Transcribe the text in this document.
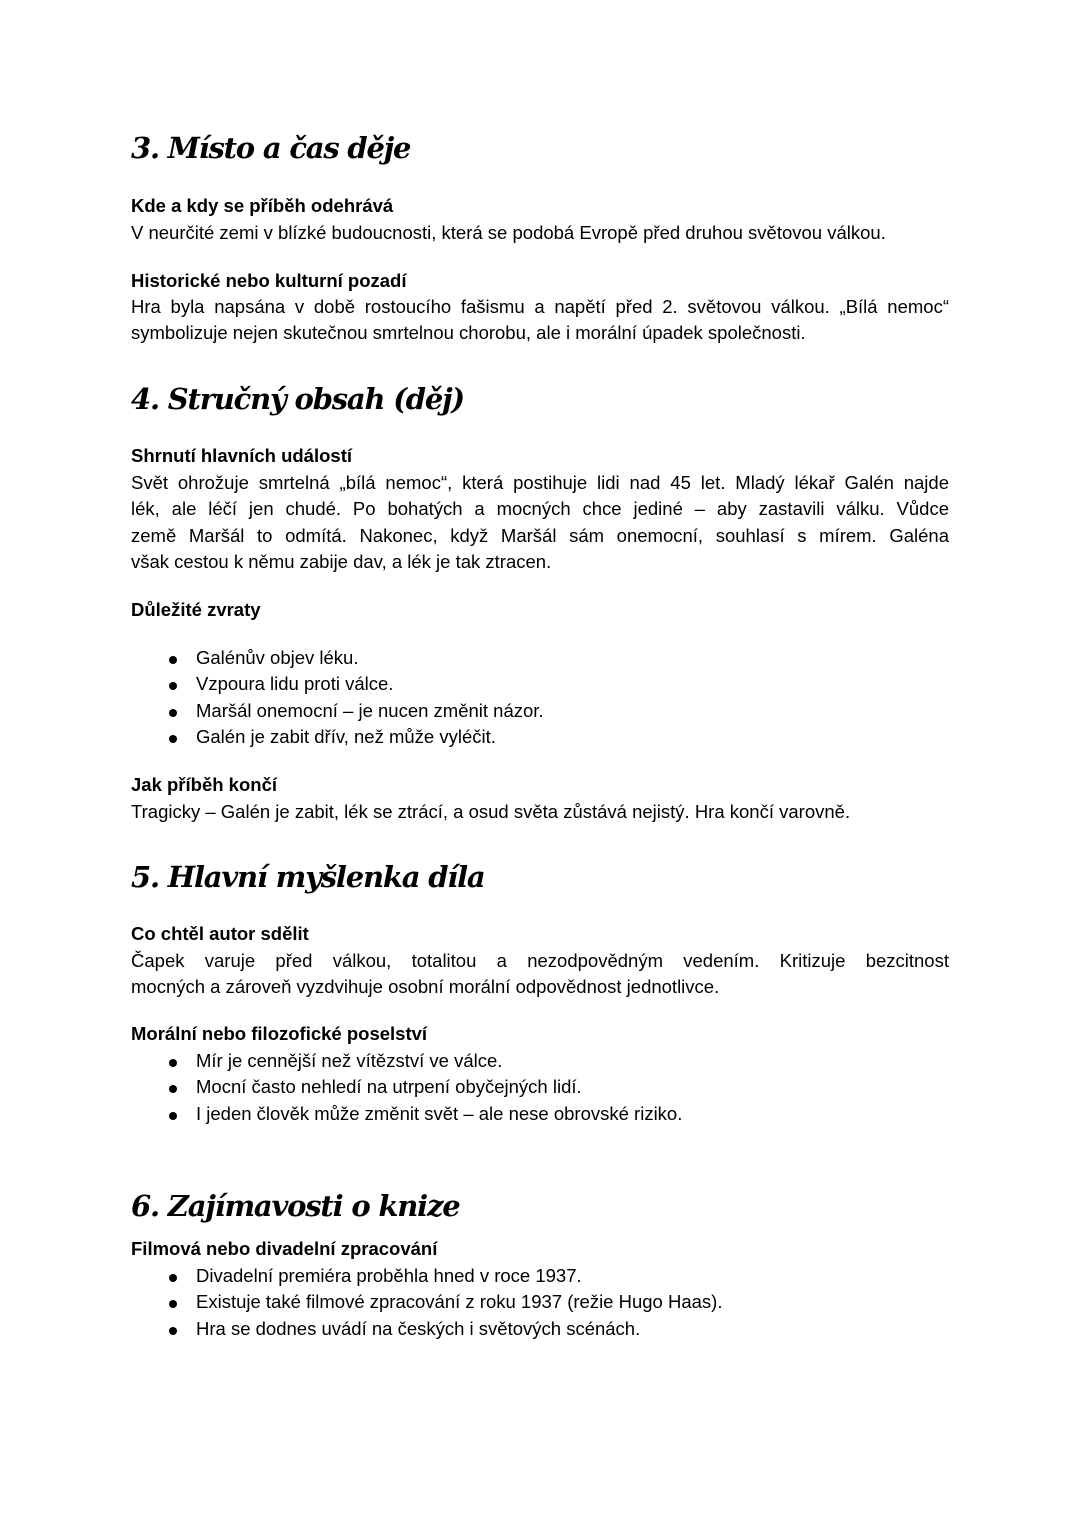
3. Místo a čas děje
Kde a kdy se příběh odehrává
V neurčité zemi v blízké budoucnosti, která se podobá Evropě před druhou světovou válkou.
Historické nebo kulturní pozadí
Hra byla napsána v době rostoucího fašismu a napětí před 2. světovou válkou. „Bílá nemoc“
symbolizuje nejen skutečnou smrtelnou chorobu, ale i morální úpadek společnosti.
4. Stručný obsah (děj)
Shrnutí hlavních událostí
Svět ohrožuje smrtelná „bílá nemoc“, která postihuje lidi nad 45 let. Mladý lékař Galén najde
lék, ale léčí jen chudé. Po bohatých a mocných chce jediné – aby zastavili válku. Vůdce
země Maršál to odmítá. Nakonec, když Maršál sám onemocní, souhlasí s mírem. Galéna
však cestou k němu zabije dav, a lék je tak ztracen.
Důležité zvraty
Galénův objev léku.
Vzpoura lidu proti válce.
Maršál onemocní – je nucen změnit názor.
Galén je zabit dřív, než může vyléčit.
Jak příběh končí
Tragicky – Galén je zabit, lék se ztrácí, a osud světa zůstává nejistý. Hra končí varovně.
5. Hlavní myšlenka díla
Co chtěl autor sdělit
Čapek varuje před válkou, totalitou a nezodpovědným vedením. Kritizuje bezcitnost
mocných a zároveň vyzdvihuje osobní morální odpovědnost jednotlivce.
Morální nebo filozofické poselství
Mír je cennější než vítězství ve válce.
Mocní často nehledí na utrpení obyčejných lidí.
I jeden člověk může změnit svět – ale nese obrovské riziko.
6. Zajímavosti o knize
Filmová nebo divadelní zpracování
Divadelní premiéra proběhla hned v roce 1937.
Existuje také filmové zpracování z roku 1937 (režie Hugo Haas).
Hra se dodnes uvádí na českých i světových scénách.
